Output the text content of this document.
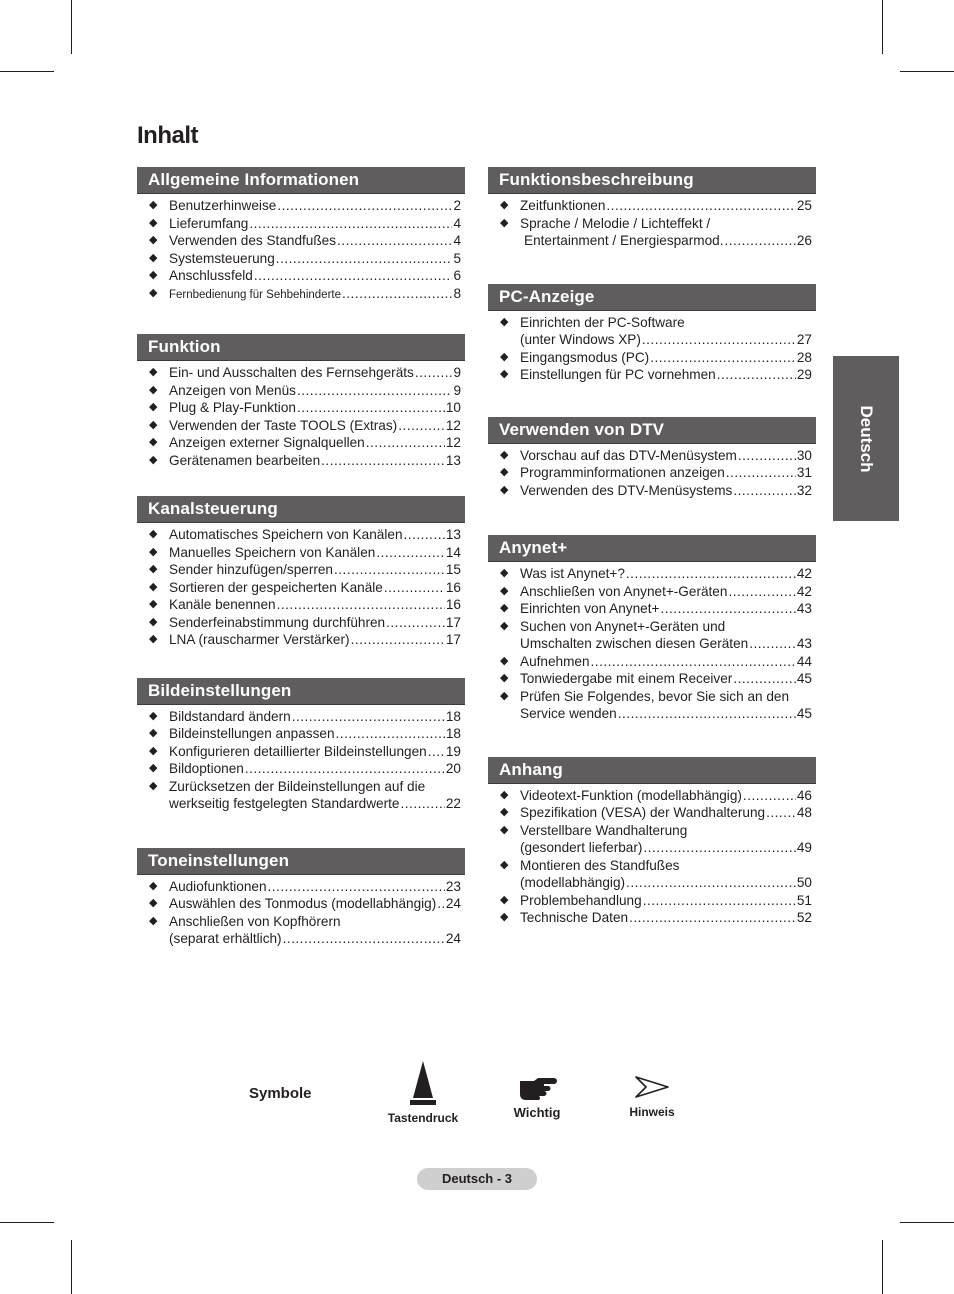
Inhalt
Allgemeine Informationen
◆ Benutzerhinweise .....	2
◆ Lieferumfang .....	4
◆ Verwenden des Standfußes .....	4
◆ Systemsteuerung .....	5
◆ Anschlussfeld .....	6
◆ Fernbedienung für Sehbehinderte .....	8
Funktion
◆ Ein- und Ausschalten des Fernsehgeräts .....	9
◆ Anzeigen von Menüs .....	9
◆ Plug & Play-Funktion .....	10
◆ Verwenden der Taste TOOLS (Extras) .....	12
◆ Anzeigen externer Signalquellen .....	12
◆ Gerätenamen bearbeiten .....	13
Kanalsteuerung
◆ Automatisches Speichern von Kanälen .....	13
◆ Manuelles Speichern von Kanälen .....	14
◆ Sender hinzufügen/sperren .....	15
◆ Sortieren der gespeicherten Kanäle .....	16
◆ Kanäle benennen .....	16
◆ Senderfeinabstimmung durchführen .....	17
◆ LNA (rauscharmer Verstärker) .....	17
Bildeinstellungen
◆ Bildstandard ändern .....	18
◆ Bildeinstellungen anpassen .....	18
◆ Konfigurieren detaillierter Bildeinstellungen ..... 19
◆ Bildoptionen .....	20
◆ Zurücksetzen der Bildeinstellungen auf die
werkseitig festgelegten Standardwerte .....	22
Toneinstellungen
◆ Audiofunktionen .....	23
◆ Auswählen des Tonmodus (modellabhängig) ..... 24
◆ Anschließen von Kopfhörern
(separat erhältlich) .....	24
Funktionsbeschreibung
◆ Zeitfunktionen .....	25
◆ Sprache / Melodie / Lichteffekt /
Entertainment / Energiesparmod. .....	26
PC-Anzeige
◆ Einrichten der PC-Software
(unter Windows XP) .....	27
◆ Eingangsmodus (PC) .....	28
◆ Einstellungen für PC vornehmen .....	29
Verwenden von DTV
◆ Vorschau auf das DTV-Menüsystem .....	30
◆ Programminformationen anzeigen .....	31
◆ Verwenden des DTV-Menüsystems .....	32
Anynet+
◆ Was ist Anynet+? .....	42
◆ Anschließen von Anynet+-Geräten .....	42
◆ Einrichten von Anynet+ .....	43
◆ Suchen von Anynet+-Geräten und
Umschalten zwischen diesen Geräten .....	43
◆ Aufnehmen .....	44
◆ Tonwiedergabe mit einem Receiver .....	45
◆ Prüfen Sie Folgendes, bevor Sie sich an den
Service wenden .....	45
Anhang
◆ Videotext-Funktion (modellabhängig) .....	46
◆ Spezifikation (VESA) der Wandhalterung ..... 48
◆ Verstellbare Wandhalterung
(gesondert lieferbar) .....	49
◆ Montieren des Standfußes
(modellabhängig) .....	50
◆ Problembehandlung .....	51
◆ Technische Daten .....	52
Deutsch
Symbole
Tastendruck	Wichtig	Hinweis
Deutsch - 3
